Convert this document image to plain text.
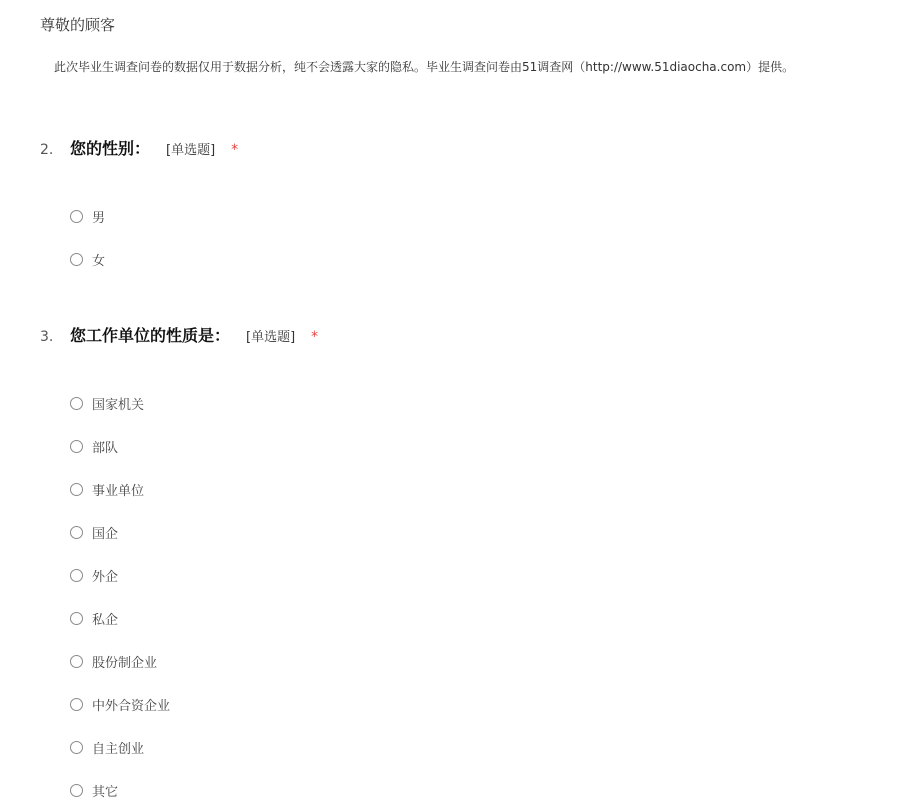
尊敬的顾客
此次毕业生调查问卷的数据仅用于数据分析，纯不会透露大家的隐私。毕业生调查问卷由51调查网（http://www.51diaocha.com）提供。
2.	您的性别： [单选题] *
男
女
3.	您工作单位的性质是： [单选题] *
国家机关
部队
事业单位
国企
外企
私企
股份制企业
中外合资企业
自主创业
其它
